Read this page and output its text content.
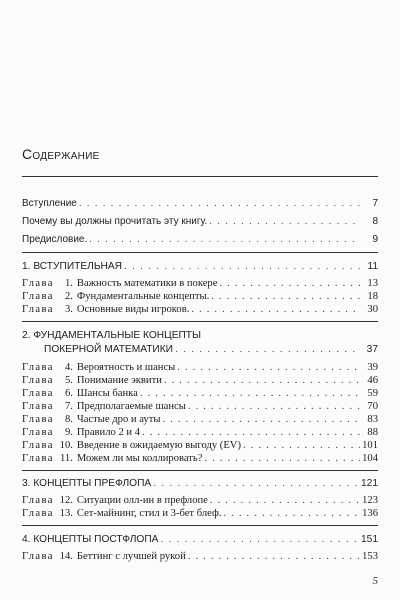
Содержание
Вступление . . .	7
Почему вы должны прочитать эту книгу. . . .	8
Предисловие. . . .	9
1. ВСТУПИТЕЛЬНАЯ . . .	11
Глава 1. Важность математики в покере . . .	13
Глава 2. Фундаментальные концепты. . . .	18
Глава 3. Основные виды игроков. . . .	30
2. ФУНДАМЕНТАЛЬНЫЕ КОНЦЕПТЫ
ПОКЕРНОЙ МАТЕМАТИКИ . . .	37
Глава 4. Вероятность и шансы . . .	39
Глава 5. Понимание эквити . . .	46
Глава 6. Шансы банка . . .	59
Глава 7. Предполагаемые шансы . . .	70
Глава 8. Частые дро и ауты . . .	83
Глава 9. Правило 2 и 4 . . .	88
Глава 10. Введение в ожидаемую выгоду (EV) . . .	101
Глава 11. Можем ли мы коллировать? . . .	104
3. КОНЦЕПТЫ ПРЕФЛОПА . . .	121
Глава 12. Ситуации олл-ин в префлопе . . .	123
Глава 13. Сет-майнинг, стил и 3-бет блеф. . . .	136
4. КОНЦЕПТЫ ПОСТФЛОПА . . .	151
Глава 14. Беттинг с лучшей рукой . . .	153
5
